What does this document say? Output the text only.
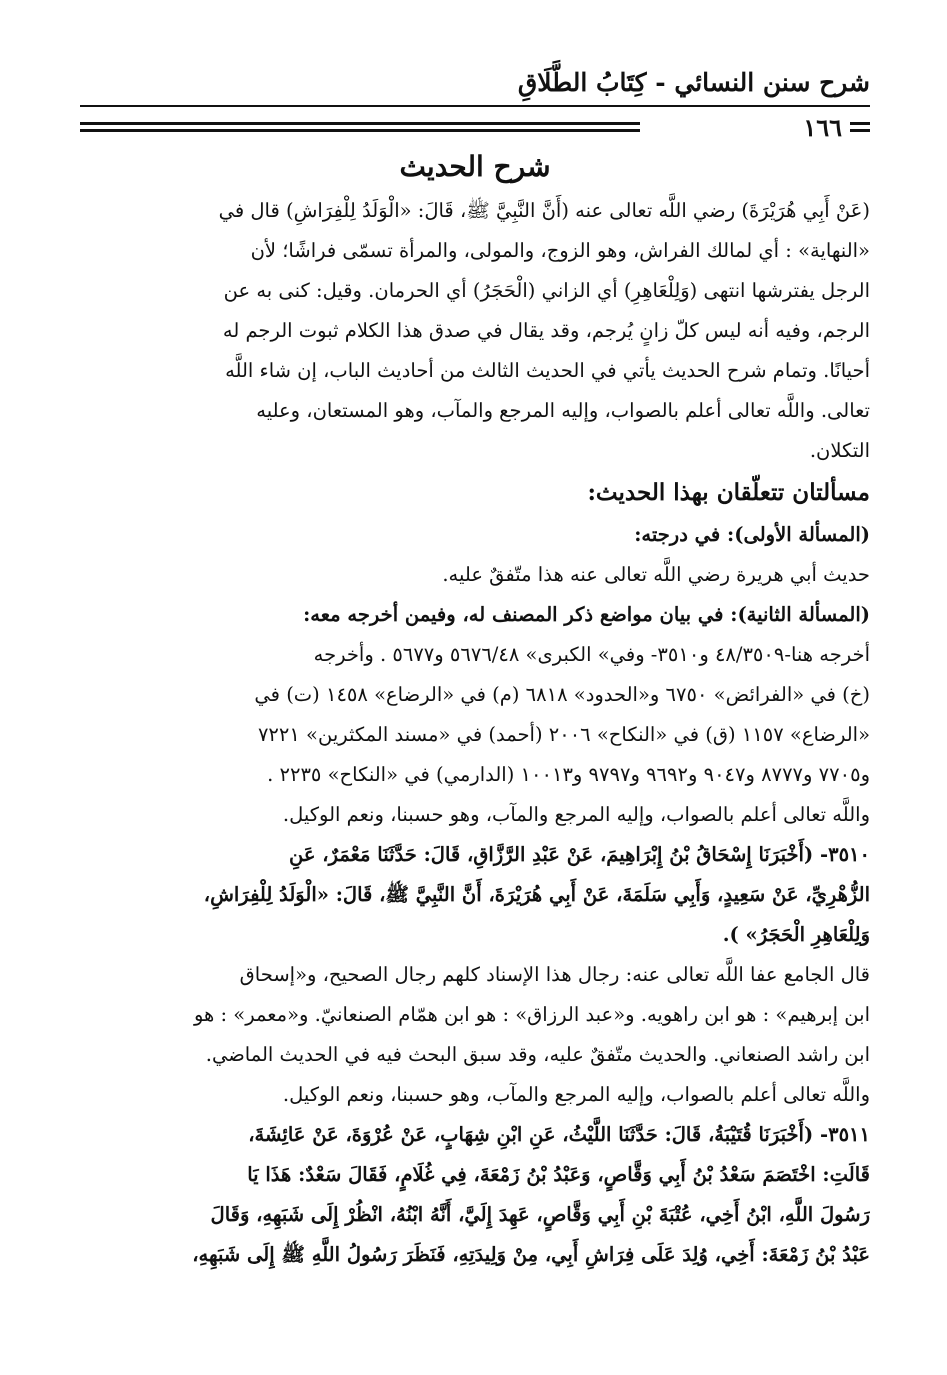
شرح سنن النسائي - كِتَابُ الطَّلَاقِ
١٦٦
شرح الحديث
(عَنْ أَبِي هُرَيْرَةَ) رضي اللَّه تعالى عنه (أَنَّ النَّبِيَّ ﷺ، قَالَ: «الْوَلَدُ لِلْفِرَاشِ) قال في
«النهاية» : أي لمالك الفراش، وهو الزوج، والمولى، والمرأة تسمّى فراشًا؛ لأن
الرجل يفترشها انتهى (وَلِلْعَاهِرِ) أي الزاني (الْحَجَرُ) أي الحرمان. وقيل: كنى به عن
الرجم، وفيه أنه ليس كلّ زانٍ يُرجم، وقد يقال في صدق هذا الكلام ثبوت الرجم له
أحيانًا. وتمام شرح الحديث يأتي في الحديث الثالث من أحاديث الباب، إن شاء اللَّه
تعالى. واللَّه تعالى أعلم بالصواب، وإليه المرجع والمآب، وهو المستعان، وعليه
التكلان.
مسألتان تتعلّقان بهذا الحديث:
(المسألة الأولى): في درجته:
حديث أبي هريرة رضي اللَّه تعالى عنه هذا متّفقٌ عليه.
(المسألة الثانية): في بيان مواضع ذكر المصنف له، وفيمن أخرجه معه:
أخرجه هنا-٤٨/٣٥٠٩ و٣٥١٠- وفي» الكبرى» ٥٦٧٦/٤٨ و٥٦٧٧ . وأخرجه
(خ) في «الفرائض» ٦٧٥٠ و«الحدود» ٦٨١٨ (م) في «الرضاع» ١٤٥٨ (ت) في
«الرضاع» ١١٥٧ (ق) في «النكاح» ٢٠٠٦ (أحمد) في «مسند المكثرين» ٧٢٢١
و٧٧٠٥ و٨٧٧٧ و٩٠٤٧ و٩٦٩٢ و٩٧٩٧ و١٠٠١٣ (الدارمي) في «النكاح» ٢٢٣٥ .
واللَّه تعالى أعلم بالصواب، وإليه المرجع والمآب، وهو حسبنا، ونعم الوكيل.
٣٥١٠- (أَخْبَرَنَا إِسْحَاقُ بْنُ إِبْرَاهِيمَ، عَنْ عَبْدِ الرَّزَّاقِ، قَالَ: حَدَّثَنَا مَعْمَرٌ، عَنِ
الزُّهْرِيِّ، عَنْ سَعِيدٍ، وَأَبِي سَلَمَةَ، عَنْ أَبِي هُرَيْرَةَ، أَنَّ النَّبِيَّ ﷺ، قَالَ: «الْوَلَدُ لِلْفِرَاشِ،
وَلِلْعَاهِرِ الْحَجَرُ» ).
قال الجامع عفا اللَّه تعالى عنه: رجال هذا الإسناد كلهم رجال الصحيح، و«إسحاق
ابن إبرهيم» : هو ابن راهويه. و«عبد الرزاق» : هو ابن همّام الصنعانيّ. و«معمر» : هو
ابن راشد الصنعاني. والحديث متّفقٌ عليه، وقد سبق البحث فيه في الحديث الماضي.
واللَّه تعالى أعلم بالصواب، وإليه المرجع والمآب، وهو حسبنا، ونعم الوكيل.
٣٥١١- (أَخْبَرَنَا قُتَيْبَةُ، قَالَ: حَدَّثَنَا اللَّيْثُ، عَنِ ابْنِ شِهَابٍ، عَنْ عُرْوَةَ، عَنْ عَائِشَةَ،
قَالَتِ: اخْتَصَمَ سَعْدُ بْنُ أَبِي وَقَّاصٍ، وَعَبْدُ بْنُ زَمْعَةَ، فِي غُلَامٍ، فَقَالَ سَعْدٌ: هَذَا يَا
رَسُولَ اللَّهِ، ابْنُ أَخِي، عُتْبَةَ بْنِ أَبِي وَقَّاصٍ، عَهِدَ إِلَيَّ، أَنَّهُ ابْنُهُ، انْظُرْ إِلَى شَبَهِهِ، وَقَالَ
عَبْدُ بْنُ زَمْعَةَ: أَخِي، وُلِدَ عَلَى فِرَاشِ أَبِي، مِنْ وَلِيدَتِهِ، فَنَظَرَ رَسُولُ اللَّهِ ﷺ إِلَى شَبَهِهِ،
